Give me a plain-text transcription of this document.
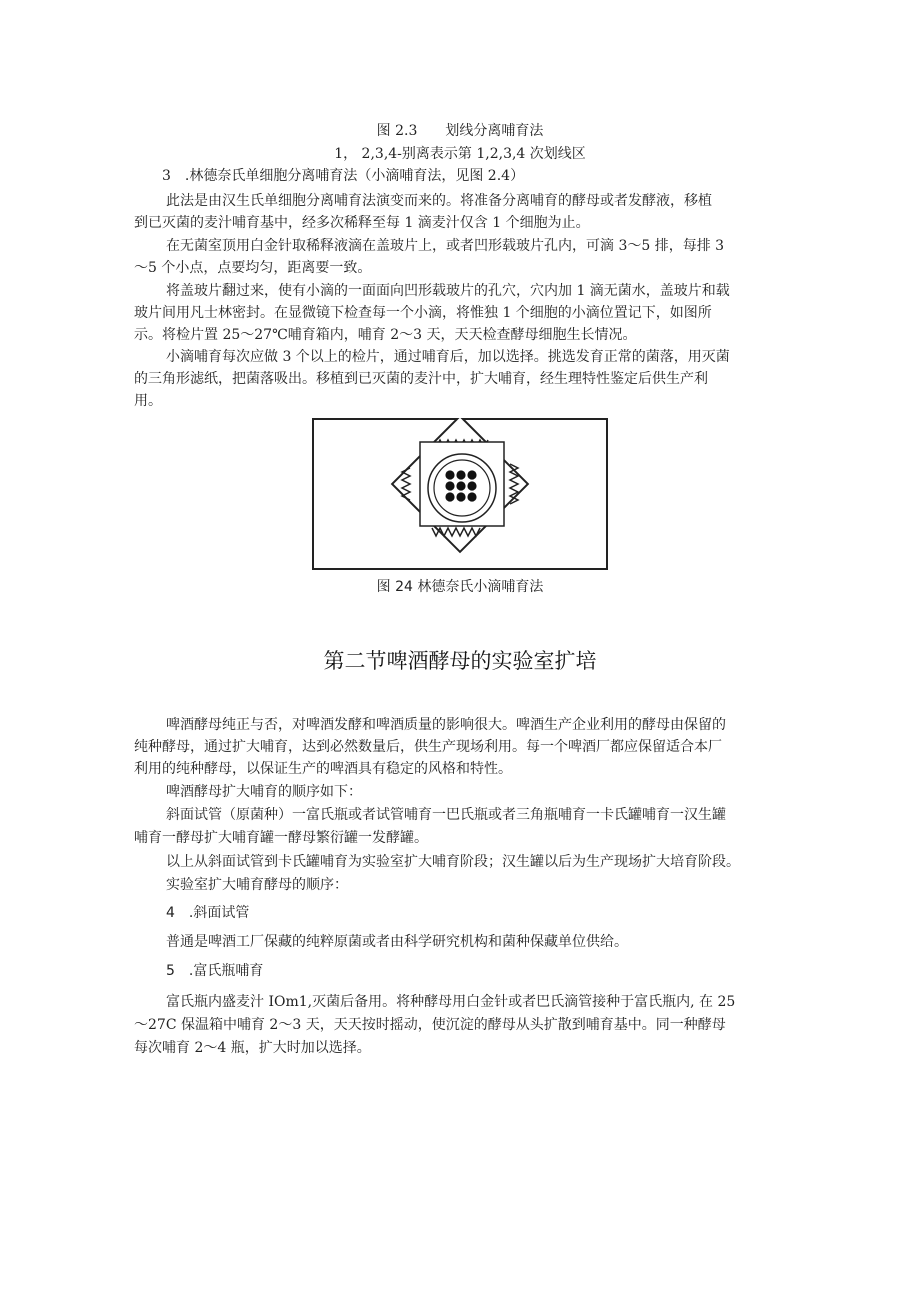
图 2.3　　划线分离哺育法
1， 2,3,4-别离表示第 1,2,3,4 次划线区
3　.林德奈氏单细胞分离哺育法（小滴哺育法，见图 2.4）
此法是由汉生氏单细胞分离哺育法演变而来的。将准备分离哺育的酵母或者发酵液，移植
到已灭菌的麦汁哺育基中，经多次稀释至每 1 滴麦汁仅含 1 个细胞为止。
在无菌室顶用白金针取稀释液滴在盖玻片上，或者凹形载玻片孔内，可滴 3～5 排，每排 3
～5 个小点，点要均匀，距离要一致。
将盖玻片翻过来，使有小滴的一面面向凹形载玻片的孔穴，穴内加 1 滴无菌水，盖玻片和载
玻片间用凡士林密封。在显微镜下检查每一个小滴，将惟独 1 个细胞的小滴位置记下，如图所
示。将检片置 25～27℃哺育箱内，哺育 2～3 天，天天检查酵母细胞生长情况。
小滴哺育每次应做 3 个以上的检片，通过哺育后，加以选择。挑选发育正常的菌落，用灭菌
的三角形滤纸，把菌落吸出。移植到已灭菌的麦汁中，扩大哺育，经生理特性鉴定后供生产利
用。
图 24 林德奈氏小滴哺育法
第二节啤酒酵母的实验室扩培
啤酒酵母纯正与否，对啤酒发酵和啤酒质量的影响很大。啤酒生产企业利用的酵母由保留的
纯种酵母，通过扩大哺育，达到必然数量后，供生产现场利用。每一个啤酒厂都应保留适合本厂
利用的纯种酵母，以保证生产的啤酒具有稳定的风格和特性。
啤酒酵母扩大哺育的顺序如下：
斜面试管（原菌种）一富氏瓶或者试管哺育一巴氏瓶或者三角瓶哺育一卡氏罐哺育一汉生罐
哺育一酵母扩大哺育罐一酵母繁衍罐一发酵罐。
以上从斜面试管到卡氏罐哺育为实验室扩大哺育阶段；汉生罐以后为生产现场扩大培育阶段。
实验室扩大哺育酵母的顺序：
4　.斜面试管
普通是啤酒工厂保藏的纯粹原菌或者由科学研究机构和菌种保藏单位供给。
5　.富氏瓶哺育
富氏瓶内盛麦汁 IOm1,灭菌后备用。将种酵母用白金针或者巴氏滴管接种于富氏瓶内, 在 25
～27C 保温箱中哺育 2～3 天，天天按时摇动，使沉淀的酵母从头扩散到哺育基中。同一种酵母
每次哺育 2～4 瓶，扩大时加以选择。
